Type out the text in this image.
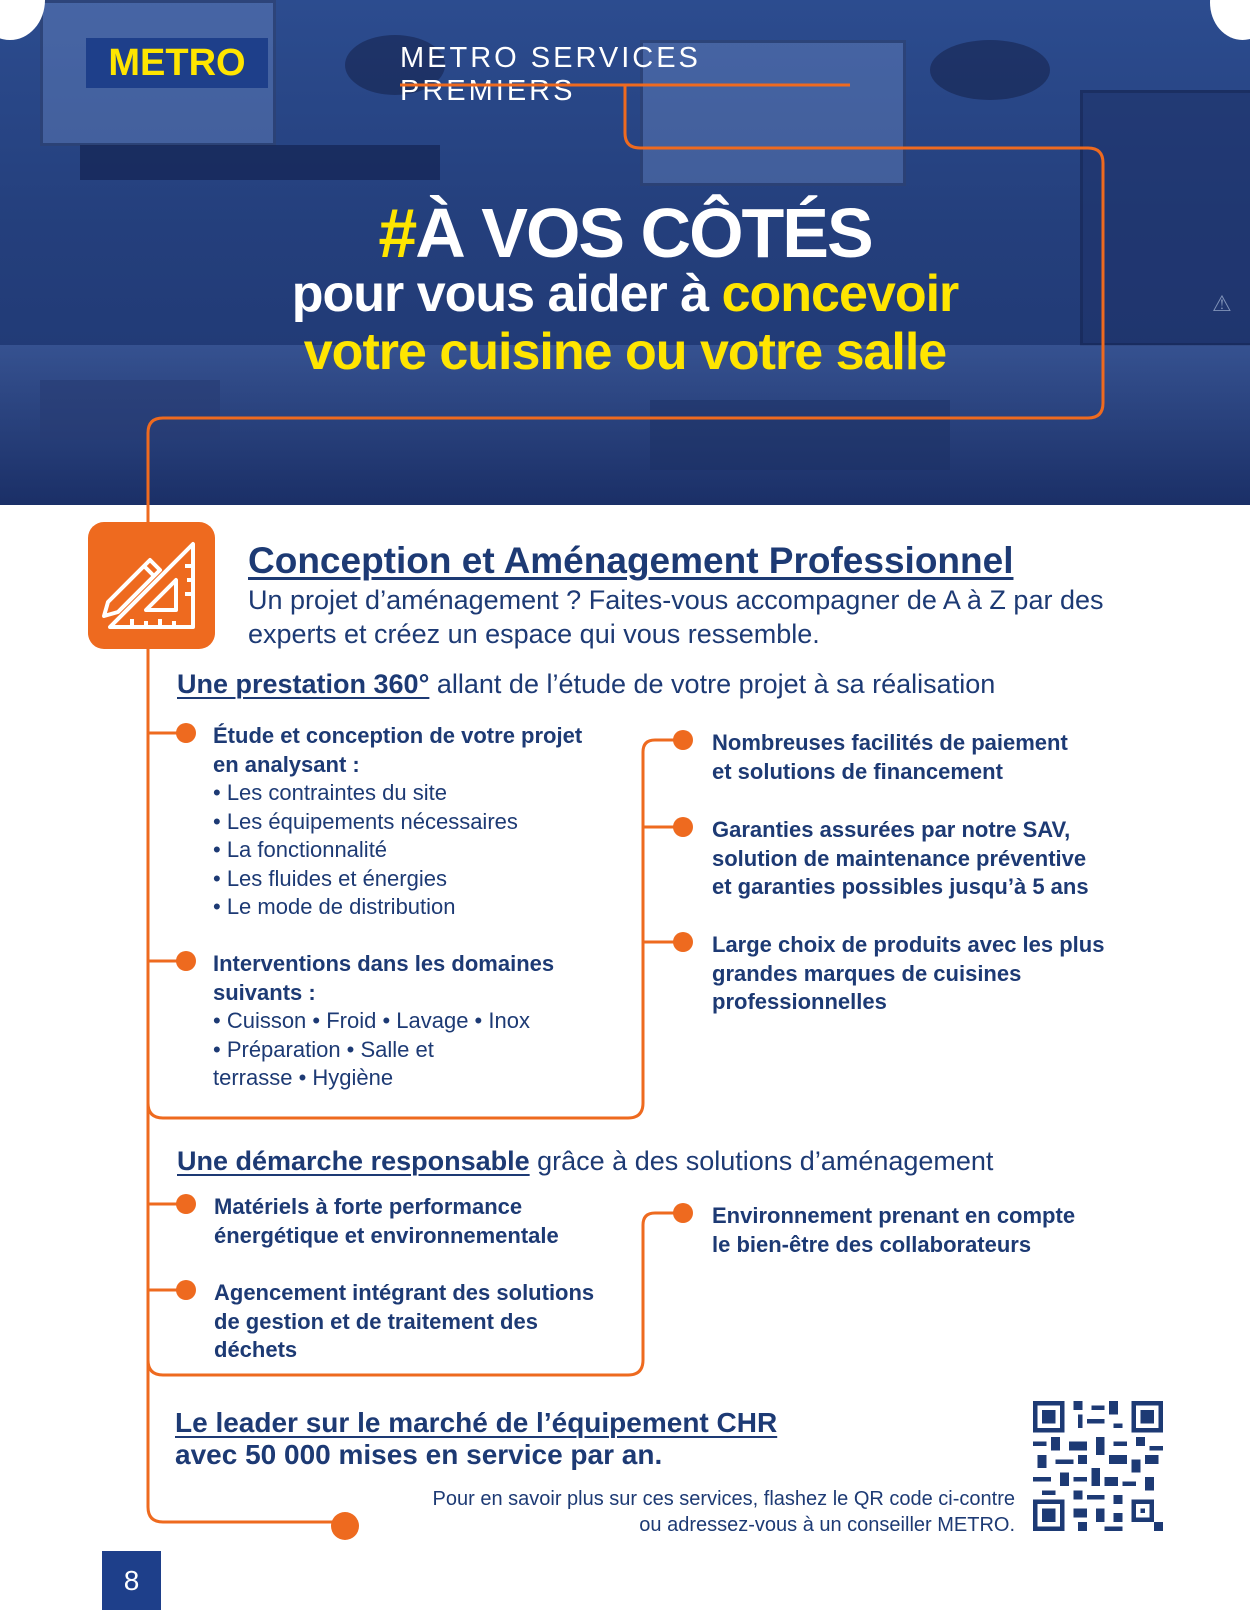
⚠
METRO	METRO SERVICES PREMIERS
#À VOS CÔTÉS
pour vous aider à concevoir
votre cuisine ou votre salle
Conception et Aménagement Professionnel
Un projet d’aménagement ? Faites-vous accompagner de A à Z par des experts et créez un espace qui vous ressemble.
Une prestation 360° allant de l’étude de votre projet à sa réalisation
Étude et conception de votre projet
en analysant :
• Les contraintes du site
• Les équipements nécessaires
• La fonctionnalité
• Les fluides et énergies
• Le mode de distribution
Interventions dans les domaines
suivants :
• Cuisson • Froid • Lavage • Inox
• Préparation • Salle et
terrasse • Hygiène
Nombreuses facilités de paiement
et solutions de financement
Garanties assurées par notre SAV,
solution de maintenance préventive
et garanties possibles jusqu’à 5 ans
Large choix de produits avec les plus
grandes marques de cuisines
professionnelles
Une démarche responsable grâce à des solutions d’aménagement
Matériels à forte performance
énergétique et environnementale
Agencement intégrant des solutions
de gestion et de traitement des
déchets
Environnement prenant en compte
le bien-être des collaborateurs
Le leader sur le marché de l’équipement CHR
avec 50 000 mises en service par an.
Pour en savoir plus sur ces services, flashez le QR code ci-contre
ou adressez-vous à un conseiller METRO.
8
